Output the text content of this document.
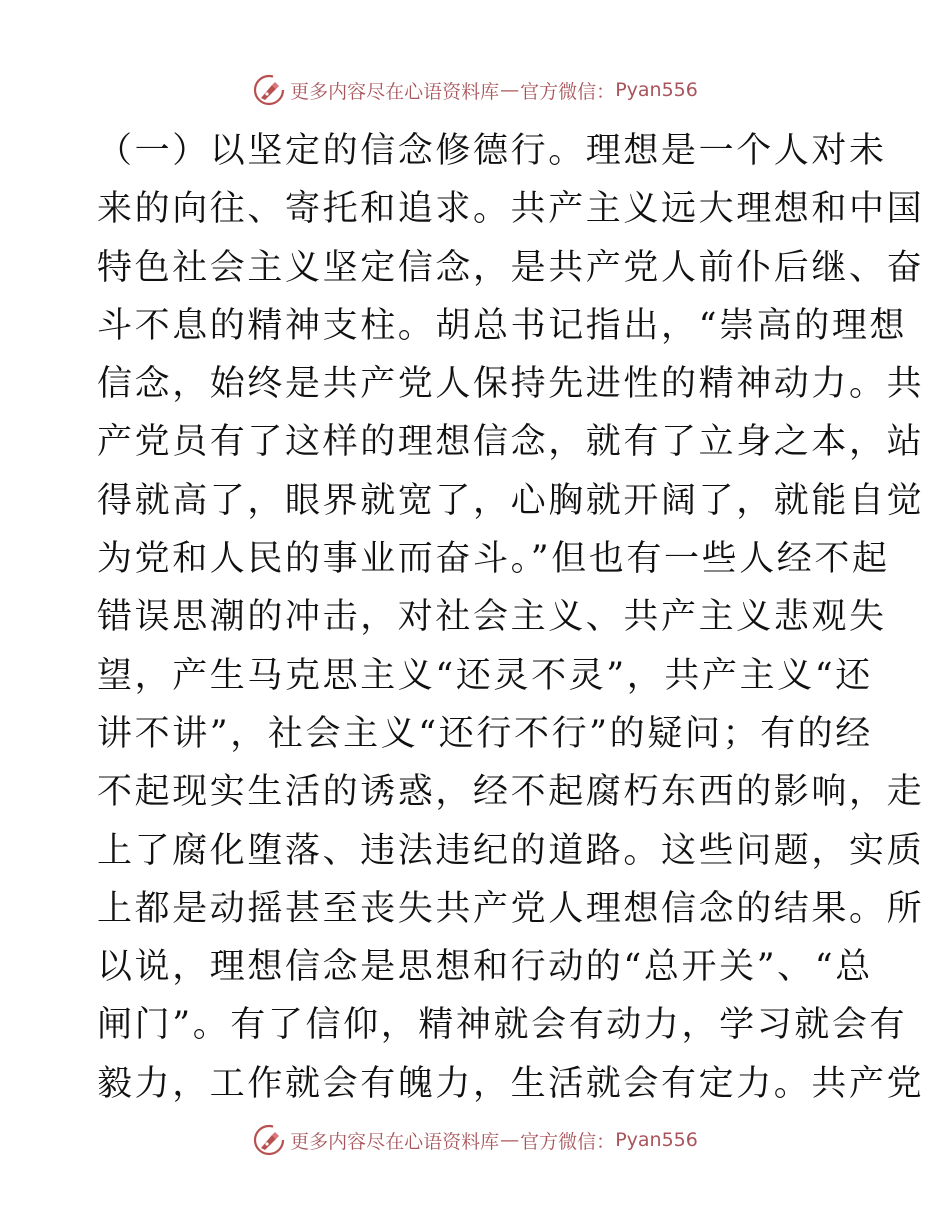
更多内容尽在心语资料库 — 官方微信： Pyan556
（一）以坚定的信念修德行。理想是一个人对未
来的向往、寄托和追求。共产主义远大理想和中国
特色社会主义坚定信念，是共产党人前仆后继、奋
斗不息的精神支柱。胡总书记指出，“崇高的理想
信念，始终是共产党人保持先进性的精神动力。共
产党员有了这样的理想信念，就有了立身之本，站
得就高了，眼界就宽了，心胸就开阔了，就能自觉
为党和人民的事业而奋斗。”但也有一些人经不起
错误思潮的冲击，对社会主义、共产主义悲观失
望，产生马克思主义“还灵不灵”，共产主义“还
讲不讲”，社会主义“还行不行”的疑问；有的经
不起现实生活的诱惑，经不起腐朽东西的影响，走
上了腐化堕落、违法违纪的道路。这些问题，实质
上都是动摇甚至丧失共产党人理想信念的结果。所
以说，理想信念是思想和行动的“总开关”、“总
闸门”。有了信仰，精神就会有动力，学习就会有
毅力，工作就会有魄力，生活就会有定力。共产党
更多内容尽在心语资料库 — 官方微信： Pyan556
